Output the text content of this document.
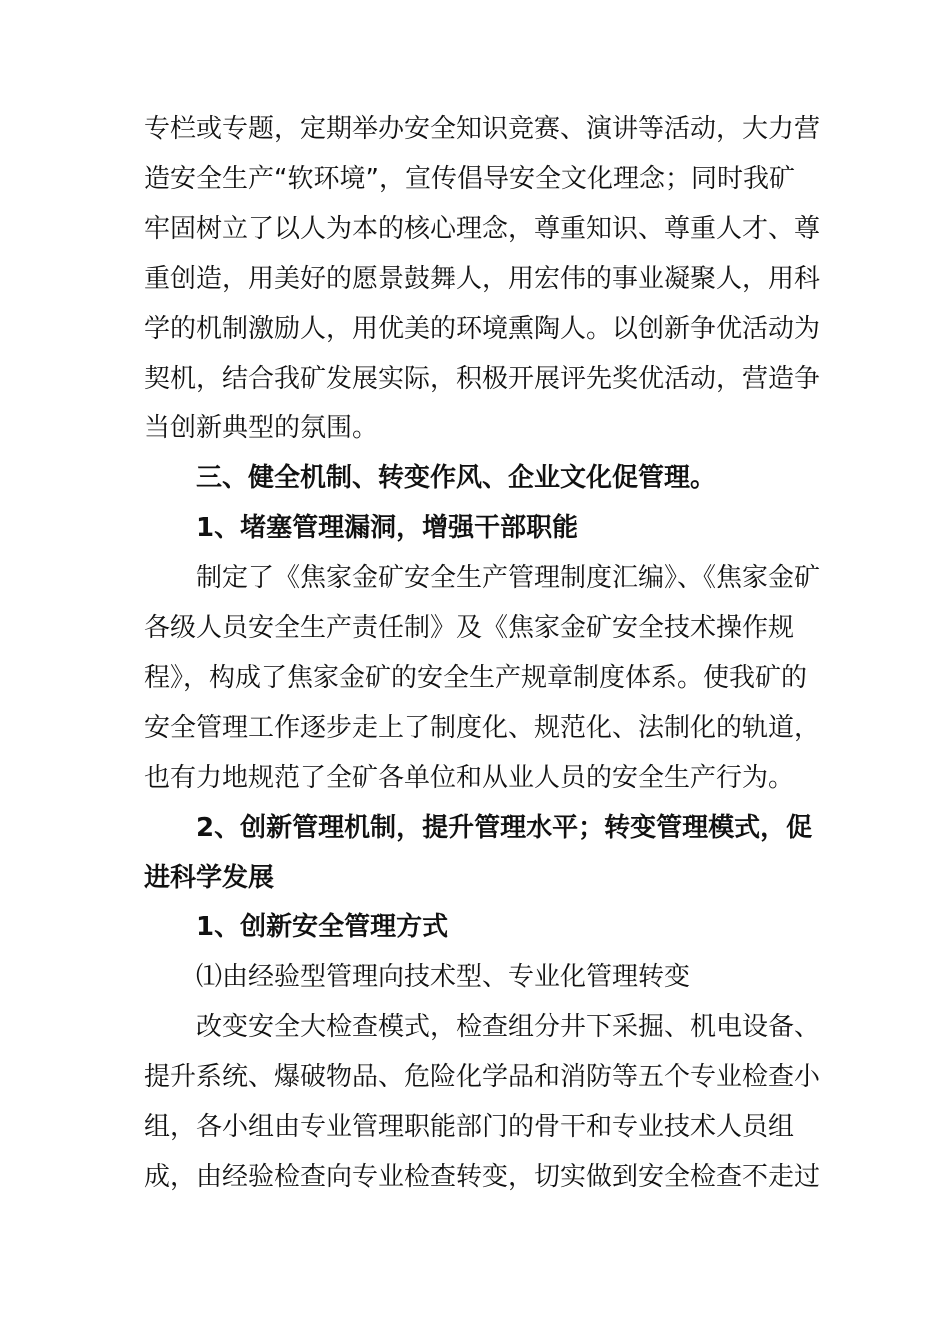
专栏或专题，定期举办安全知识竞赛、演讲等活动，大力营
造安全生产“软环境”，宣传倡导安全文化理念；同时我矿
牢固树立了以人为本的核心理念，尊重知识、尊重人才、尊
重创造，用美好的愿景鼓舞人，用宏伟的事业凝聚人，用科
学的机制激励人，用优美的环境熏陶人。以创新争优活动为
契机，结合我矿发展实际，积极开展评先奖优活动，营造争
当创新典型的氛围。
三、健全机制、转变作风、企业文化促管理。
1、堵塞管理漏洞，增强干部职能
制定了《焦家金矿安全生产管理制度汇编》、《焦家金矿
各级人员安全生产责任制》及《焦家金矿安全技术操作规
程》，构成了焦家金矿的安全生产规章制度体系。使我矿的
安全管理工作逐步走上了制度化、规范化、法制化的轨道，
也有力地规范了全矿各单位和从业人员的安全生产行为。
2、创新管理机制，提升管理水平；转变管理模式，促
进科学发展
1、创新安全管理方式
⑴由经验型管理向技术型、专业化管理转变
改变安全大检查模式，检查组分井下采掘、机电设备、
提升系统、爆破物品、危险化学品和消防等五个专业检查小
组，各小组由专业管理职能部门的骨干和专业技术人员组
成，由经验检查向专业检查转变，切实做到安全检查不走过
